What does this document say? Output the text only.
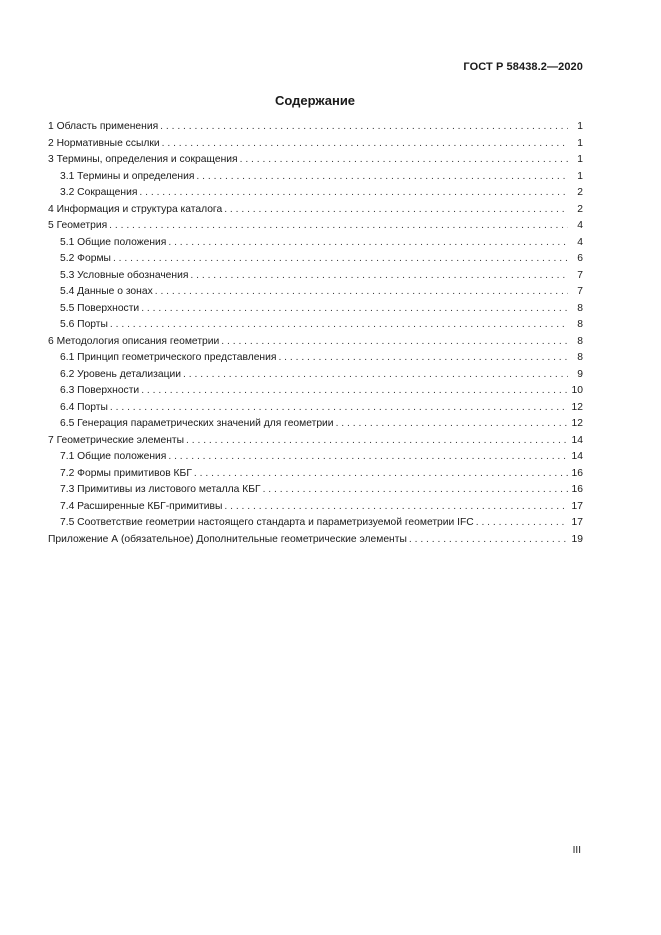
ГОСТ Р 58438.2—2020
Содержание
1 Область применения . . .	1
2 Нормативные ссылки . . .	1
3 Термины, определения и сокращения . . .	1
3.1 Термины и определения . . .	1
3.2 Сокращения . . .	2
4 Информация и структура каталога . . .	2
5 Геометрия . . .	4
5.1 Общие положения . . .	4
5.2 Формы . . .	6
5.3 Условные обозначения . . .	7
5.4 Данные о зонах . . .	7
5.5 Поверхности . . .	8
5.6 Порты . . .	8
6 Методология описания геометрии . . .	8
6.1 Принцип геометрического представления . . .	8
6.2 Уровень детализации . . .	9
6.3 Поверхности . . .	10
6.4 Порты . . .	12
6.5 Генерация параметрических значений для геометрии . . .	12
7 Геометрические элементы . . .	14
7.1 Общие положения . . .	14
7.2 Формы примитивов КБГ . . .	16
7.3 Примитивы из листового металла КБГ . . .	16
7.4 Расширенные КБГ-примитивы . . .	17
7.5 Соответствие геометрии настоящего стандарта и параметризуемой геометрии IFC . . .	17
Приложение А (обязательное) Дополнительные геометрические элементы . . .	19
III
